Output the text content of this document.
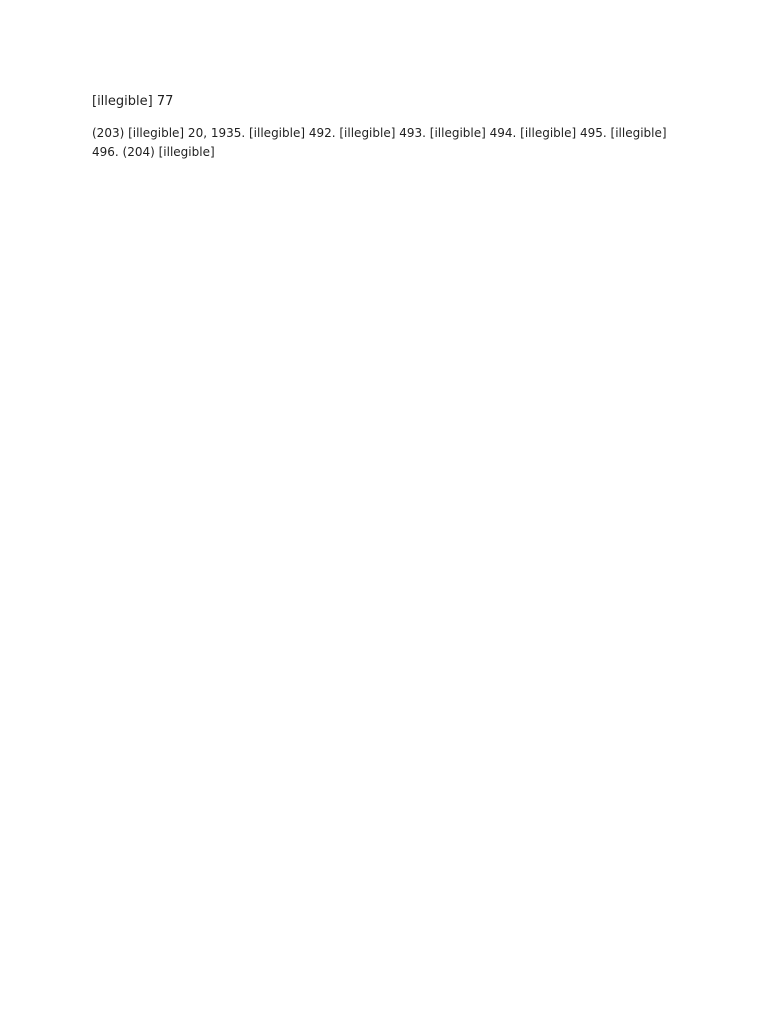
[illegible] 77

(203) [illegible] 20, 1935. [illegible] 492. [illegible] 493. [illegible] 494. [illegible] 495. [illegible] 496. (204) [illegible]
